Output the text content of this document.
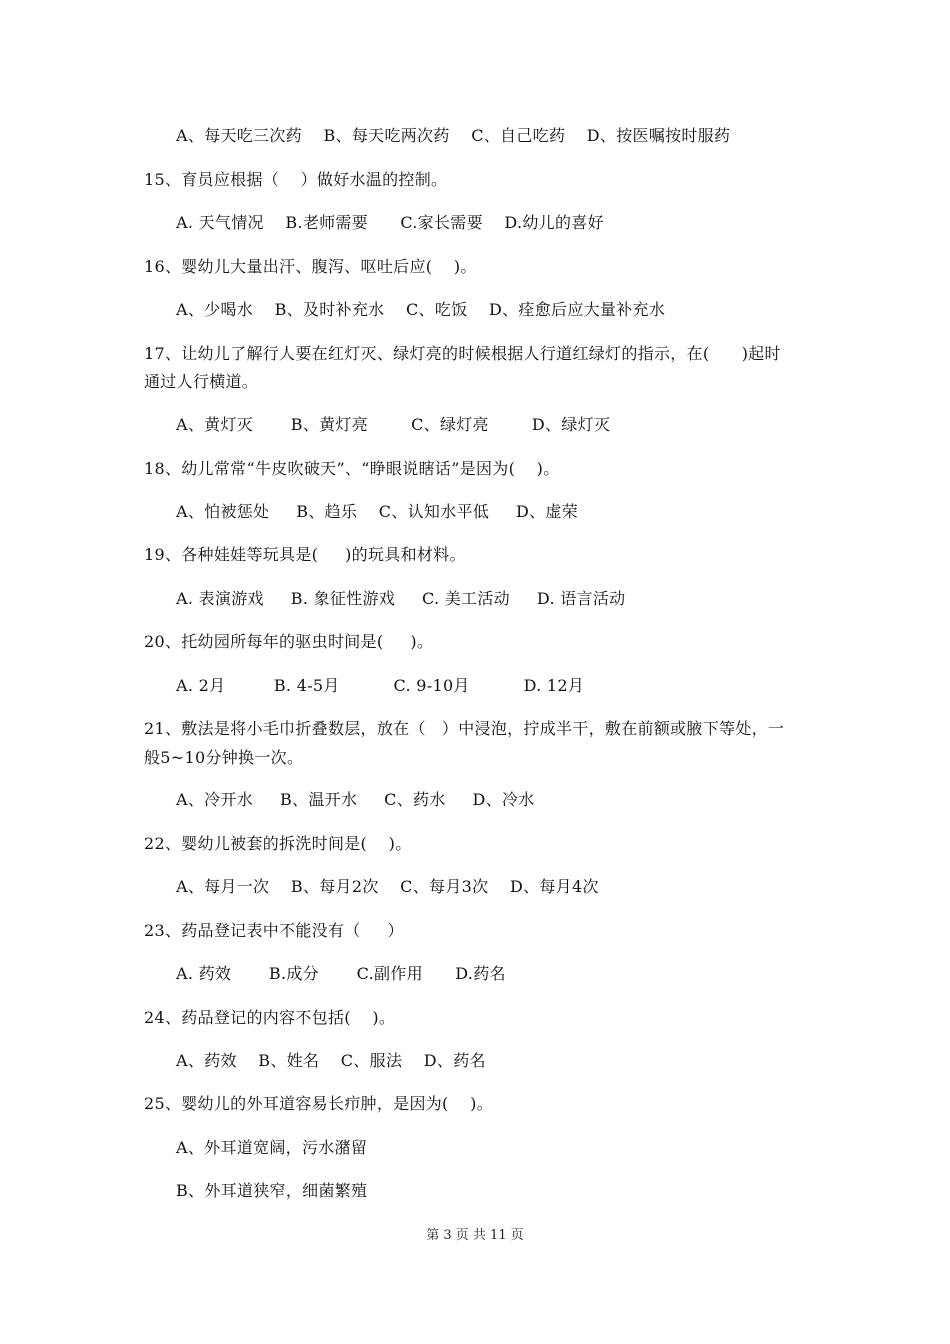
A、每天吃三次药    B、每天吃两次药    C、自己吃药    D、按医嘱按时服药
15、育员应根据（    ）做好水温的控制。
A. 天气情况    B.老师需要      C.家长需要    D.幼儿的喜好
16、婴幼儿大量出汗、腹泻、呕吐后应(    )。
A、少喝水    B、及时补充水    C、吃饭    D、痊愈后应大量补充水
17、让幼儿了解行人要在红灯灭、绿灯亮的时候根据人行道红绿灯的指示，在(      )起时
通过人行横道。
A、黄灯灭       B、黄灯亮        C、绿灯亮        D、绿灯灭
18、幼儿常常“牛皮吹破天”、“睁眼说瞎话”是因为(    )。
A、怕被惩处     B、趋乐    C、认知水平低     D、虚荣
19、各种娃娃等玩具是(     )的玩具和材料。
A. 表演游戏     B. 象征性游戏     C. 美工活动     D. 语言活动
20、托幼园所每年的驱虫时间是(     )。
A. 2月         B. 4-5月          C. 9-10月          D. 12月
21、敷法是将小毛巾折叠数层，放在（   ）中浸泡，拧成半干，敷在前额或腋下等处，一
般5~10分钟换一次。
A、冷开水     B、温开水     C、药水     D、冷水
22、婴幼儿被套的拆洗时间是(    )。
A、每月一次    B、每月2次    C、每月3次    D、每月4次
23、药品登记表中不能没有（     ）
A. 药效       B.成分       C.副作用      D.药名
24、药品登记的内容不包括(    )。
A、药效    B、姓名    C、服法    D、药名
25、婴幼儿的外耳道容易长疖肿，是因为(    )。
A、外耳道宽阔，污水潴留
B、外耳道狭窄，细菌繁殖
第 3 页 共 11 页
